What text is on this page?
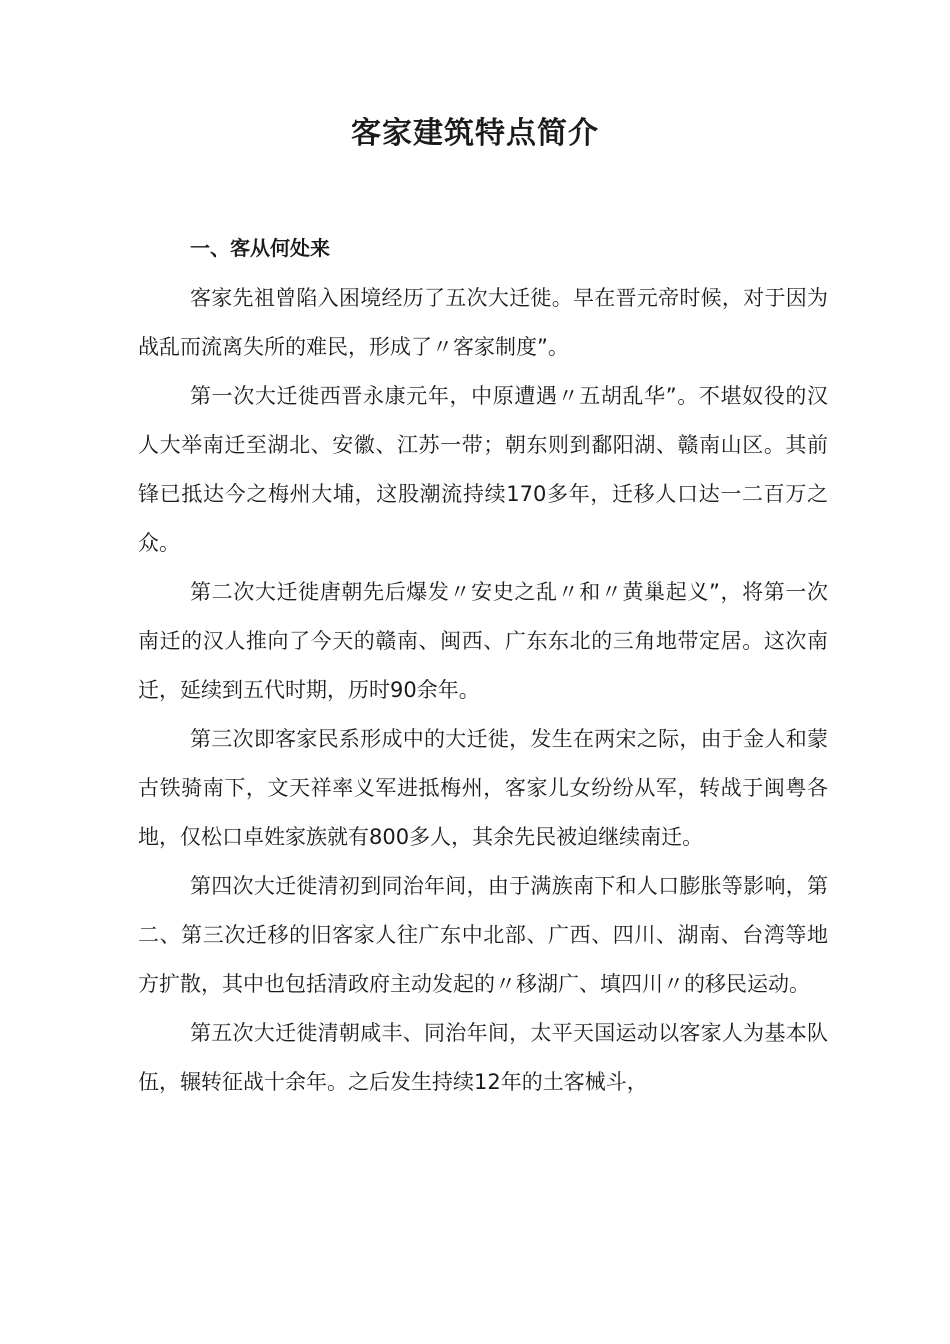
客家建筑特点简介
一、客从何处来

客家先祖曾陷入困境经历了五次大迁徙。早在晋元帝时候，对于因为战乱而流离失所的难民，形成了〃客家制度”。

第一次大迁徙西晋永康元年，中原遭遇〃五胡乱华”。不堪奴役的汉人大举南迁至湖北、安徽、江苏一带；朝东则到鄱阳湖、赣南山区。其前锋已抵达今之梅州大埔，这股潮流持续170多年，迁移人口达一二百万之众。

第二次大迁徙唐朝先后爆发〃安史之乱〃和〃黄巢起义”，将第一次南迁的汉人推向了今天的赣南、闽西、广东东北的三角地带定居。这次南迁，延续到五代时期，历时90余年。

第三次即客家民系形成中的大迁徙，发生在两宋之际，由于金人和蒙古铁骑南下，文天祥率义军进抵梅州，客家儿女纷纷从军，转战于闽粤各地，仅松口卓姓家族就有800多人，其余先民被迫继续南迁。

第四次大迁徙清初到同治年间，由于满族南下和人口膨胀等影响，第二、第三次迁移的旧客家人往广东中北部、广西、四川、湖南、台湾等地方扩散，其中也包括清政府主动发起的〃移湖广、填四川〃的移民运动。

第五次大迁徙清朝咸丰、同治年间，太平天国运动以客家人为基本队伍，辗转征战十余年。之后发生持续12年的土客械斗，
